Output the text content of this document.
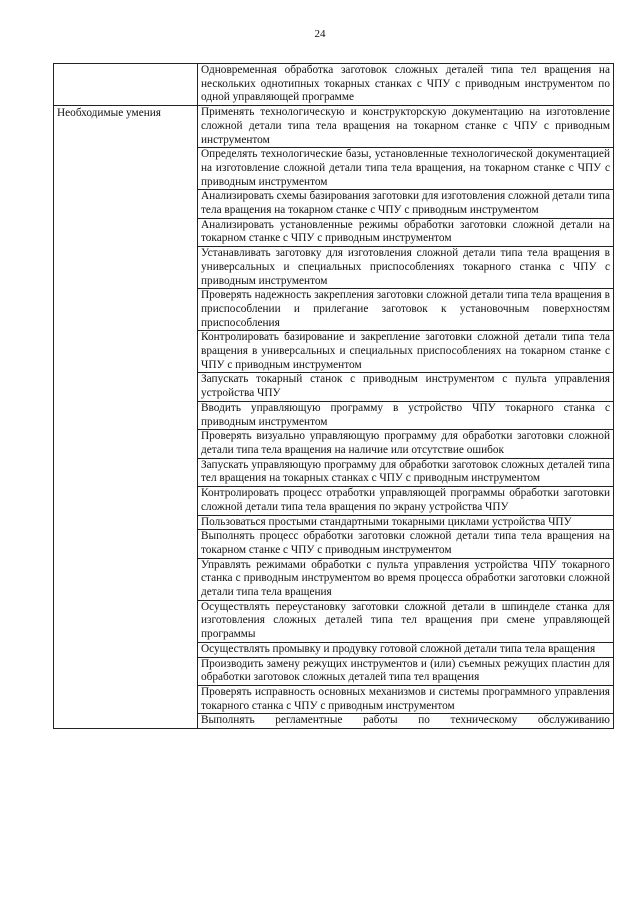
24
	Одновременная обработка заготовок сложных деталей типа тел вращения на нескольких однотипных токарных станках с ЧПУ с приводным инструментом по одной управляющей программе
Необходимые умения	Применять технологическую и конструкторскую документацию на изготовление сложной детали типа тела вращения на токарном станке с ЧПУ с приводным инструментом
	Определять технологические базы, установленные технологической документацией на изготовление сложной детали типа тела вращения, на токарном станке с ЧПУ с приводным инструментом
	Анализировать схемы базирования заготовки для изготовления сложной детали типа тела вращения на токарном станке с ЧПУ с приводным инструментом
	Анализировать установленные режимы обработки заготовки сложной детали на токарном станке с ЧПУ с приводным инструментом
	Устанавливать заготовку для изготовления сложной детали типа тела вращения в универсальных и специальных приспособлениях токарного станка с ЧПУ с приводным инструментом
	Проверять надежность закрепления заготовки сложной детали типа тела вращения в приспособлении и прилегание заготовок к установочным поверхностям приспособления
	Контролировать базирование и закрепление заготовки сложной детали типа тела вращения в универсальных и специальных приспособлениях на токарном станке с ЧПУ с приводным инструментом
	Запускать токарный станок с приводным инструментом с пульта управления устройства ЧПУ
	Вводить управляющую программу в устройство ЧПУ токарного станка с приводным инструментом
	Проверять визуально управляющую программу для обработки заготовки сложной детали типа тела вращения на наличие или отсутствие ошибок
	Запускать управляющую программу для обработки заготовок сложных деталей типа тел вращения на токарных станках с ЧПУ с приводным инструментом
	Контролировать процесс отработки управляющей программы обработки заготовки сложной детали типа тела вращения по экрану устройства ЧПУ
	Пользоваться простыми стандартными токарными циклами устройства ЧПУ
	Выполнять процесс обработки заготовки сложной детали типа тела вращения на токарном станке с ЧПУ с приводным инструментом
	Управлять режимами обработки с пульта управления устройства ЧПУ токарного станка с приводным инструментом во время процесса обработки заготовки сложной детали типа тела вращения
	Осуществлять переустановку заготовки сложной детали в шпинделе станка для изготовления сложных деталей типа тел вращения при смене управляющей программы
	Осуществлять промывку и продувку готовой сложной детали типа тела вращения
	Производить замену режущих инструментов и (или) съемных режущих пластин для обработки заготовок сложных деталей типа тел вращения
	Проверять исправность основных механизмов и системы программного управления токарного станка с ЧПУ с приводным инструментом
	Выполнять регламентные работы по техническому обслуживанию
